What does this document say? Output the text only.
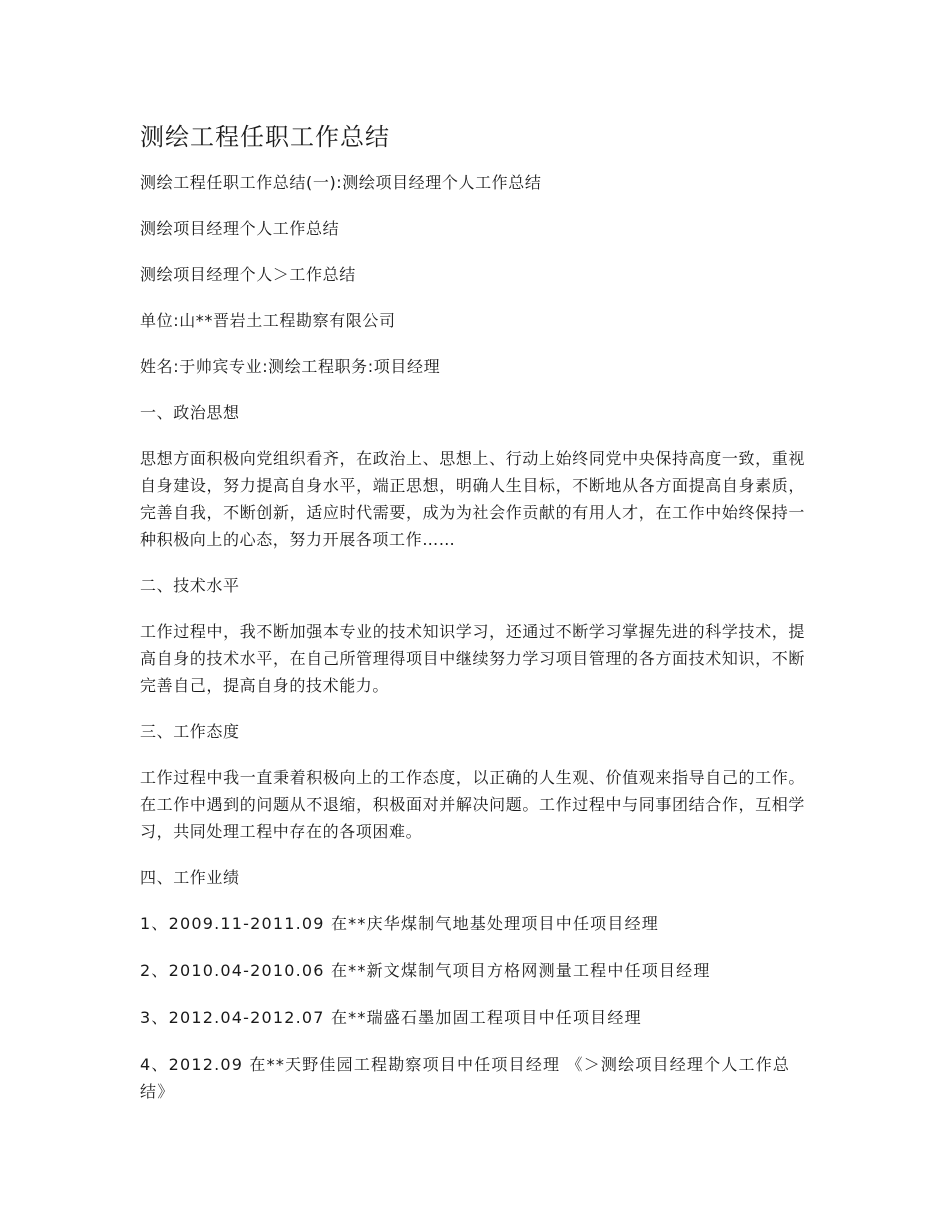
测绘工程任职工作总结

测绘工程任职工作总结(一):测绘项目经理个人工作总结

测绘项目经理个人工作总结

测绘项目经理个人＞工作总结

单位:山**晋岩土工程勘察有限公司

姓名:于帅宾专业:测绘工程职务:项目经理

一、政治思想

思想方面积极向党组织看齐，在政治上、思想上、行动上始终同党中央保持高度一致，重视自身建设，努力提高自身水平，端正思想，明确人生目标，不断地从各方面提高自身素质，完善自我，不断创新，适应时代需要，成为为社会作贡献的有用人才，在工作中始终保持一种积极向上的心态，努力开展各项工作……

二、技术水平

工作过程中，我不断加强本专业的技术知识学习，还通过不断学习掌握先进的科学技术，提高自身的技术水平，在自己所管理得项目中继续努力学习项目管理的各方面技术知识，不断完善自己，提高自身的技术能力。

三、工作态度

工作过程中我一直秉着积极向上的工作态度，以正确的人生观、价值观来指导自己的工作。在工作中遇到的问题从不退缩，积极面对并解决问题。工作过程中与同事团结合作，互相学习，共同处理工程中存在的各项困难。

四、工作业绩

1、2009.11-2011.09 在**庆华煤制气地基处理项目中任项目经理

2、2010.04-2010.06 在**新文煤制气项目方格网测量工程中任项目经理

3、2012.04-2012.07 在**瑞盛石墨加固工程项目中任项目经理

4、2012.09 在**天野佳园工程勘察项目中任项目经理 《＞测绘项目经理个人工作总结》
